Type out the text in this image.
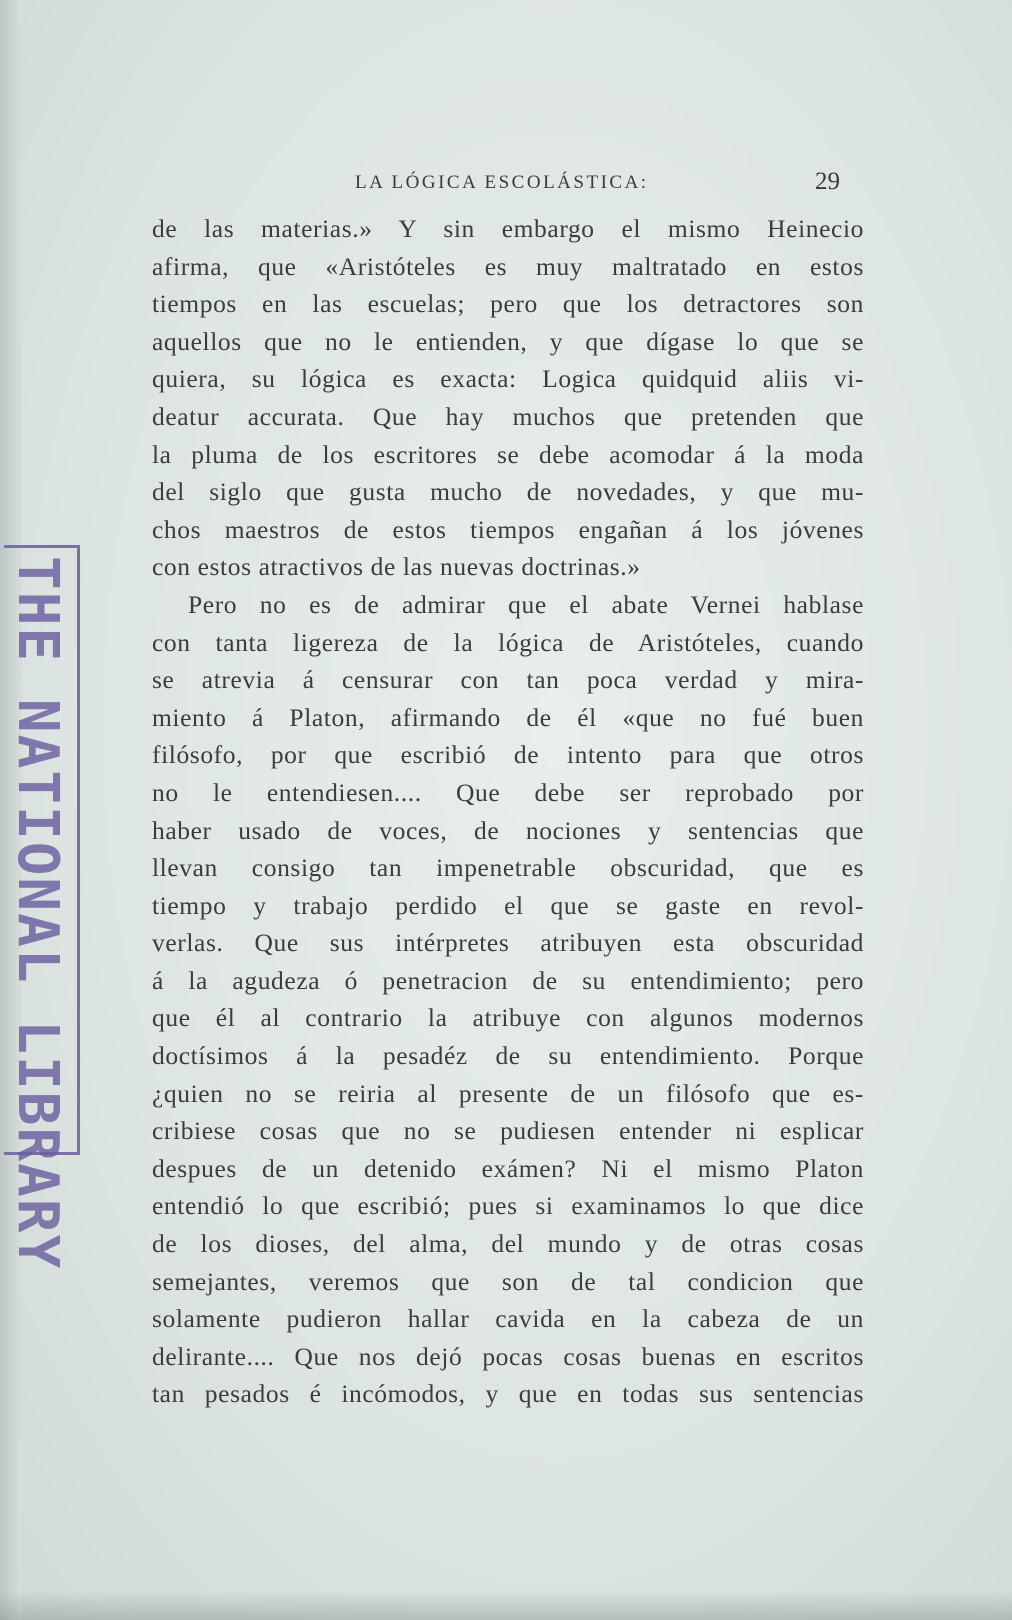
LA LÓGICA ESCOLÁSTICA:	29
THE NATIONAL LIBRARY
de las materias.» Y sin embargo el mismo Heinecio
afirma, que «Aristóteles es muy maltratado en estos
tiempos en las escuelas; pero que los detractores son
aquellos que no le entienden, y que dígase lo que se
quiera, su lógica es exacta: Logica quidquid aliis vi-
deatur accurata. Que hay muchos que pretenden que
la pluma de los escritores se debe acomodar á la moda
del siglo que gusta mucho de novedades, y que mu-
chos maestros de estos tiempos engañan á los jóvenes
con estos atractivos de las nuevas doctrinas.»
Pero no es de admirar que el abate Vernei hablase
con tanta ligereza de la lógica de Aristóteles, cuando
se atrevia á censurar con tan poca verdad y mira-
miento á Platon, afirmando de él «que no fué buen
filósofo, por que escribió de intento para que otros
no le entendiesen.... Que debe ser reprobado por
haber usado de voces, de nociones y sentencias que
llevan consigo tan impenetrable obscuridad, que es
tiempo y trabajo perdido el que se gaste en revol-
verlas. Que sus intérpretes atribuyen esta obscuridad
á la agudeza ó penetracion de su entendimiento; pero
que él al contrario la atribuye con algunos modernos
doctísimos á la pesadéz de su entendimiento. Porque
¿quien no se reiria al presente de un filósofo que es-
cribiese cosas que no se pudiesen entender ni esplicar
despues de un detenido exámen? Ni el mismo Platon
entendió lo que escribió; pues si examinamos lo que dice
de los dioses, del alma, del mundo y de otras cosas
semejantes, veremos que son de tal condicion que
solamente pudieron hallar cavida en la cabeza de un
delirante.... Que nos dejó pocas cosas buenas en escritos
tan pesados é incómodos, y que en todas sus sentencias
